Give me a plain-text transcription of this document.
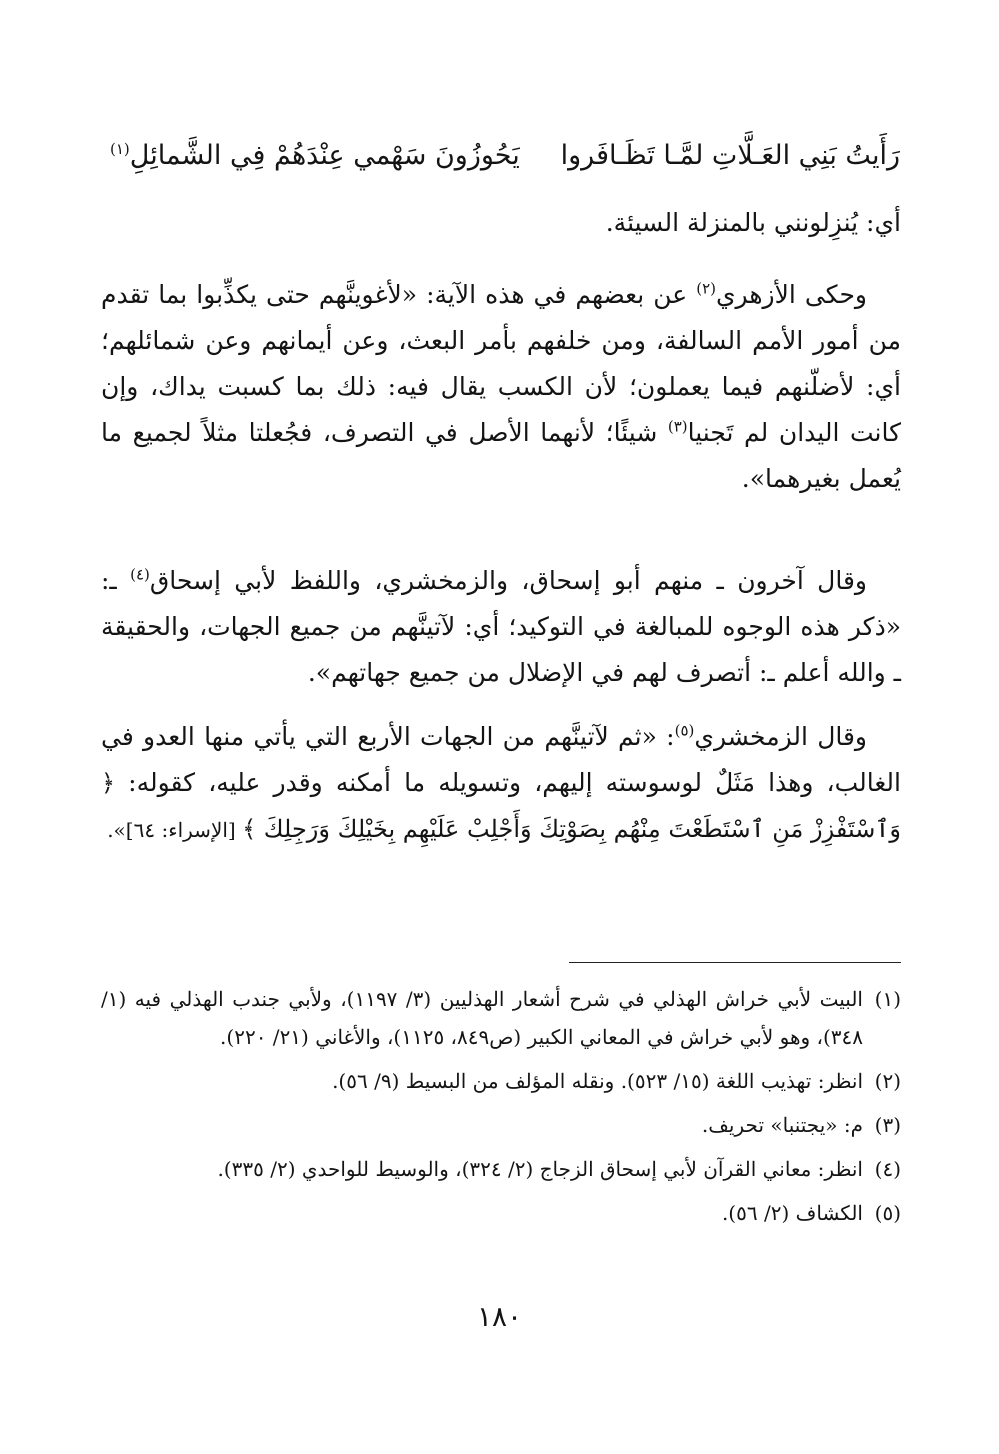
رَأَيتُ بَنِي العَـلَّاتِ لمَّـا تَظَـافَروا
يَحُوزُونَ سَهْمي عِنْدَهُمْ فِي الشَّمائِلِ$^{(١)}$
أي: يُنزِلونني بالمنزلة السيئة.

وحكى الأزهري$^{(٢)}$ عن بعضهم في هذه الآية: «لأغوينَّهم حتى يكذِّبوا بما تقدم من أمور الأمم السالفة، ومن خلفهم بأمر البعث، وعن أيمانهم وعن شمائلهم؛ أي: لأضلّنهم فيما يعملون؛ لأن الكسب يقال فيه: ذلك بما كسبت يداك، وإن كانت اليدان لم تَجنيا$^{(٣)}$ شيئًا؛ لأنهما الأصل في التصرف، فجُعلتا مثلاً لجميع ما يُعمل بغيرهما».

وقال آخرون ـ منهم أبو إسحاق، والزمخشري، واللفظ لأبي إسحاق$^{(٤)}$ ـ: «ذكر هذه الوجوه للمبالغة في التوكيد؛ أي: لآتينَّهم من جميع الجهات، والحقيقة ـ والله أعلم ـ: أتصرف لهم في الإضلال من جميع جهاتهم».

وقال الزمخشري$^{(٥)}$: «ثم لآتينَّهم من الجهات الأربع التي يأتي منها العدو في الغالب، وهذا مَثَلٌ لوسوسته إليهم، وتسويله ما أمكنه وقدر عليه، كقوله: ﴿ وَٱسْتَفْزِزْ مَنِ ٱسْتَطَعْتَ مِنْهُم بِصَوْتِكَ وَأَجْلِبْ عَلَيْهِم بِخَيْلِكَ وَرَجِلِكَ ﴾ [الإسراء: ٦٤]».

(١)
البيت لأبي خراش الهذلي في شرح أشعار الهذليين (٣/ ١١٩٧)، ولأبي جندب الهذلي فيه (١/ ٣٤٨)، وهو لأبي خراش في المعاني الكبير (ص٨٤٩، ١١٢٥)، والأغاني (٢١/ ٢٢٠).
(٢)
انظر: تهذيب اللغة (١٥/ ٥٢٣). ونقله المؤلف من البسيط (٩/ ٥٦).
(٣)
م: «يجتنبا» تحريف.
(٤)
انظر: معاني القرآن لأبي إسحاق الزجاج (٢/ ٣٢٤)، والوسيط للواحدي (٢/ ٣٣٥).
(٥)
الكشاف (٢/ ٥٦).
١٨٠
